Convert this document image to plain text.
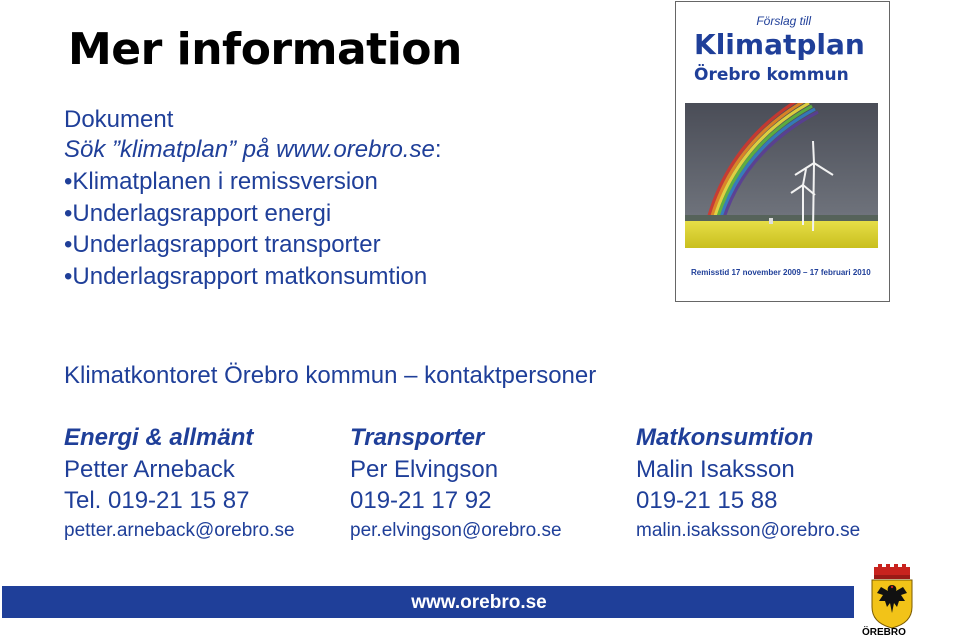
Mer information
Dokument
Sök ”klimatplan” på www.orebro.se:
•Klimatplanen i remissversion
•Underlagsrapport energi
•Underlagsrapport transporter
•Underlagsrapport matkonsumtion
Förslag till
Klimatplan
Örebro kommun
Remisstid 17 november 2009 – 17 februari 2010
Klimatkontoret Örebro kommun – kontaktpersoner
Energi & allmänt
Petter Arneback
Tel. 019-21 15 87
petter.arneback@orebro.se
Transporter
Per Elvingson
019-21 17 92
per.elvingson@orebro.se
Matkonsumtion
Malin Isaksson
019-21 15 88
malin.isaksson@orebro.se
www.orebro.se
ÖREBRO
